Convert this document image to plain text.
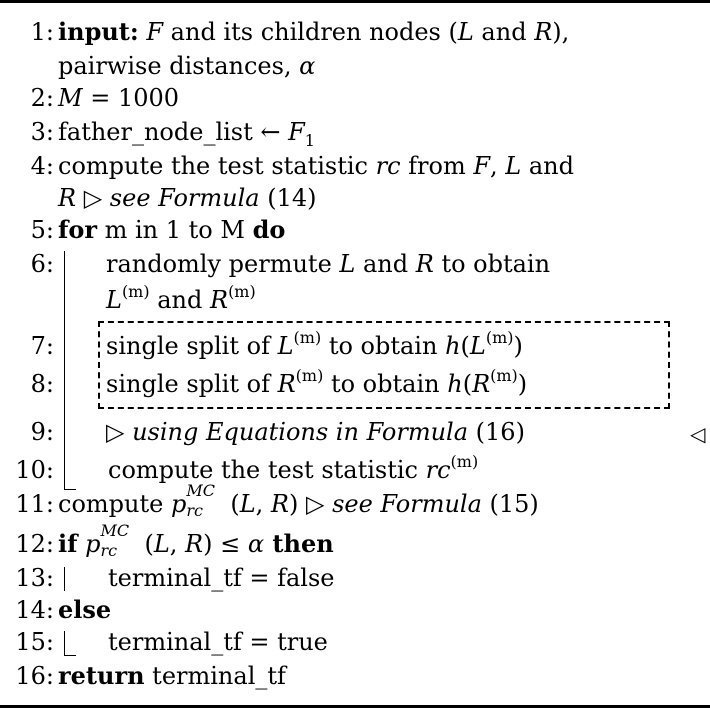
1: input: F and its children nodes (L and R),
pairwise distances, α
2: M = 1000
3: father_node_list ← $F_1$
4: compute the test statistic rc from F, L and
R ▷ see Formula (14)
5: for m in 1 to M do
6: randomly permute L and R to obtain
$L^{(m)}$ and $R^{(m)}$
7: single split of $L^{(m)}$ to obtain $h(L^{(m)})$
8: single split of $R^{(m)}$ to obtain $h(R^{(m)})$
9: ▷ using Equations in Formula (16)	◁
10: compute the test statistic $rc^{(m)}$
11: compute p MC
rc (L, R) ▷ see Formula (15)
12: if p MC
rc (L, R) ≤ α then
13: terminal_tf = false
14: else
15: terminal_tf = true
16: return terminal_tf
